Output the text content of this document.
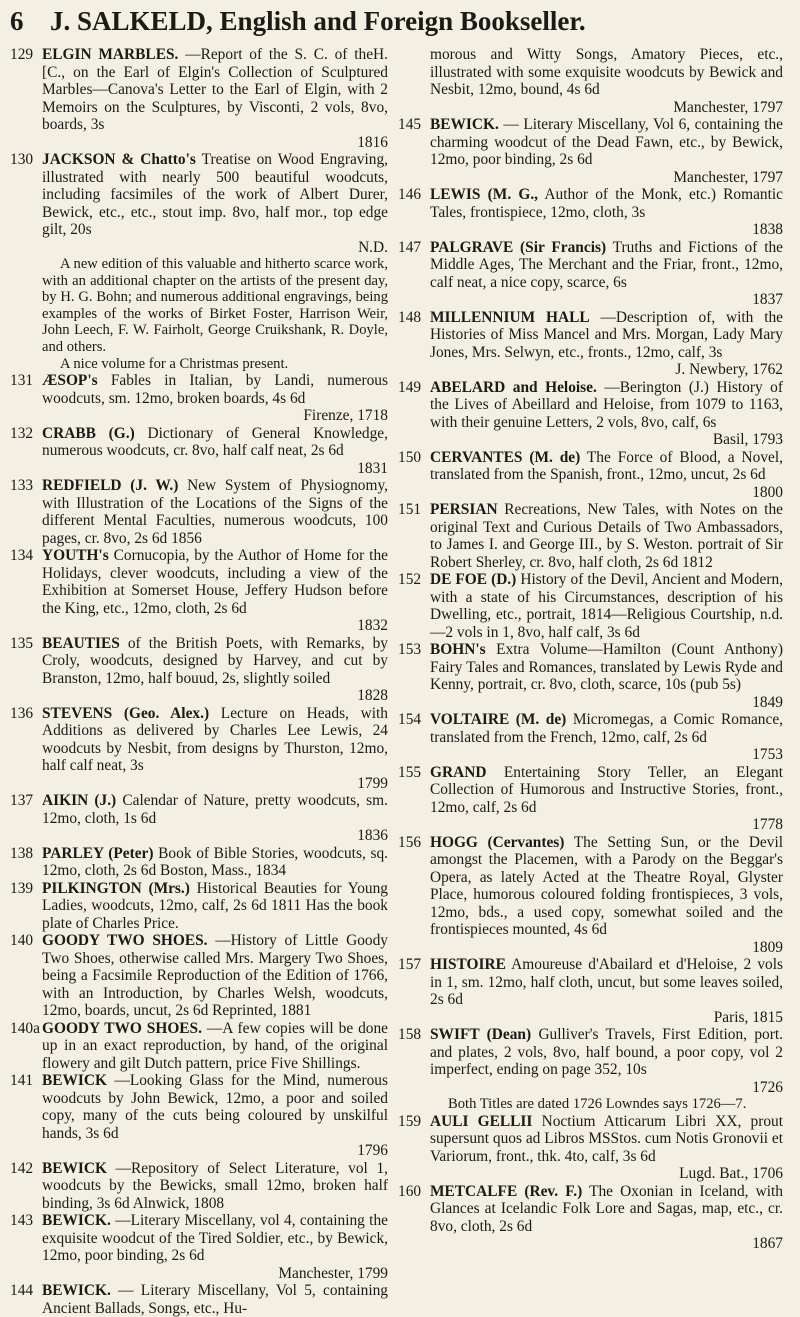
6 J. SALKELD, English and Foreign Bookseller.

129 ELGIN MARBLES. —Report of the S. C. of theH. [C., on the Earl of Elgin's Collection of Sculptured Marbles—Canova's Letter to the Earl of Elgin, with 2 Memoirs on the Sculptures, by Visconti, 2 vols, 8vo, boards, 3s
1816

130 JACKSON & Chatto's Treatise on Wood Engraving, illustrated with nearly 500 beautiful woodcuts, including facsimiles of the work of Albert Durer, Bewick, etc., etc., stout imp. 8vo, half mor., top edge gilt, 20s
N.D.

A new edition of this valuable and hitherto scarce work, with an additional chapter on the artists of the present day, by H. G. Bohn; and numerous additional engravings, being examples of the works of Birket Foster, Harrison Weir, John Leech, F. W. Fairholt, George Cruikshank, R. Doyle, and others.

A nice volume for a Christmas present.

131 ÆSOP's Fables in Italian, by Landi, numerous woodcuts, sm. 12mo, broken boards, 4s 6d
Firenze, 1718

132 CRABB (G.) Dictionary of General Knowledge, numerous woodcuts, cr. 8vo, half calf neat, 2s 6d
1831

133 REDFIELD (J. W.) New System of Physiognomy, with Illustration of the Locations of the Signs of the different Mental Faculties, numerous woodcuts, 100 pages, cr. 8vo, 2s 6d 1856

134 YOUTH's Cornucopia, by the Author of Home for the Holidays, clever woodcuts, including a view of the Exhibition at Somerset House, Jeffery Hudson before the King, etc., 12mo, cloth, 2s 6d
1832

135 BEAUTIES of the British Poets, with Remarks, by Croly, woodcuts, designed by Harvey, and cut by Branston, 12mo, half bouud, 2s, slightly soiled
1828

136 STEVENS (Geo. Alex.) Lecture on Heads, with Additions as delivered by Charles Lee Lewis, 24 woodcuts by Nesbit, from designs by Thurston, 12mo, half calf neat, 3s
1799

137 AIKIN (J.) Calendar of Nature, pretty woodcuts, sm. 12mo, cloth, 1s 6d
1836

138 PARLEY (Peter) Book of Bible Stories, woodcuts, sq. 12mo, cloth, 2s 6d Boston, Mass., 1834

139 PILKINGTON (Mrs.) Historical Beauties for Young Ladies, woodcuts, 12mo, calf, 2s 6d 1811 Has the book plate of Charles Price.

140 GOODY TWO SHOES. —History of Little Goody Two Shoes, otherwise called Mrs. Margery Two Shoes, being a Facsimile Reproduction of the Edition of 1766, with an Introduction, by Charles Welsh, woodcuts, 12mo, boards, uncut, 2s 6d Reprinted, 1881

140a GOODY TWO SHOES. —A few copies will be done up in an exact reproduction, by hand, of the original flowery and gilt Dutch pattern, price Five Shillings.

141 BEWICK —Looking Glass for the Mind, numerous woodcuts by John Bewick, 12mo, a poor and soiled copy, many of the cuts being coloured by unskilful hands, 3s 6d
1796

142 BEWICK —Repository of Select Literature, vol 1, woodcuts by the Bewicks, small 12mo, broken half binding, 3s 6d Alnwick, 1808

143 BEWICK. —Literary Miscellany, vol 4, containing the exquisite woodcut of the Tired Soldier, etc., by Bewick, 12mo, poor binding, 2s 6d
Manchester, 1799

144 BEWICK. — Literary Miscellany, Vol 5, containing Ancient Ballads, Songs, etc., Hu-

morous and Witty Songs, Amatory Pieces, etc., illustrated with some exquisite woodcuts by Bewick and Nesbit, 12mo, bound, 4s 6d
Manchester, 1797

145 BEWICK. — Literary Miscellany, Vol 6, containing the charming woodcut of the Dead Fawn, etc., by Bewick, 12mo, poor binding, 2s 6d
Manchester, 1797

146 LEWIS (M. G., Author of the Monk, etc.) Romantic Tales, frontispiece, 12mo, cloth, 3s
1838

147 PALGRAVE (Sir Francis) Truths and Fictions of the Middle Ages, The Merchant and the Friar, front., 12mo, calf neat, a nice copy, scarce, 6s
1837

148 MILLENNIUM HALL —Description of, with the Histories of Miss Mancel and Mrs. Morgan, Lady Mary Jones, Mrs. Selwyn, etc., fronts., 12mo, calf, 3s
J. Newbery, 1762

149 ABELARD and Heloise. —Berington (J.) History of the Lives of Abeillard and Heloise, from 1079 to 1163, with their genuine Letters, 2 vols, 8vo, calf, 6s
Basil, 1793

150 CERVANTES (M. de) The Force of Blood, a Novel, translated from the Spanish, front., 12mo, uncut, 2s 6d
1800

151 PERSIAN Recreations, New Tales, with Notes on the original Text and Curious Details of Two Ambassadors, to James I. and George III., by S. Weston. portrait of Sir Robert Sherley, cr. 8vo, half cloth, 2s 6d 1812

152 DE FOE (D.) History of the Devil, Ancient and Modern, with a state of his Circumstances, description of his Dwelling, etc., portrait, 1814—Religious Courtship, n.d.—2 vols in 1, 8vo, half calf, 3s 6d

153 BOHN's Extra Volume—Hamilton (Count Anthony) Fairy Tales and Romances, translated by Lewis Ryde and Kenny, portrait, cr. 8vo, cloth, scarce, 10s (pub 5s)
1849

154 VOLTAIRE (M. de) Micromegas, a Comic Romance, translated from the French, 12mo, calf, 2s 6d
1753

155 GRAND Entertaining Story Teller, an Elegant Collection of Humorous and Instructive Stories, front., 12mo, calf, 2s 6d
1778

156 HOGG (Cervantes) The Setting Sun, or the Devil amongst the Placemen, with a Parody on the Beggar's Opera, as lately Acted at the Theatre Royal, Glyster Place, humorous coloured folding frontispieces, 3 vols, 12mo, bds., a used copy, somewhat soiled and the frontispieces mounted, 4s 6d
1809

157 HISTOIRE Amoureuse d'Abailard et d'Heloise, 2 vols in 1, sm. 12mo, half cloth, uncut, but some leaves soiled, 2s 6d
Paris, 1815

158 SWIFT (Dean) Gulliver's Travels, First Edition, port. and plates, 2 vols, 8vo, half bound, a poor copy, vol 2 imperfect, ending on page 352, 10s
1726

Both Titles are dated 1726 Lowndes says 1726—7.

159 AULI GELLII Noctium Atticarum Libri XX, prout supersunt quos ad Libros MSStos. cum Notis Gronovii et Variorum, front., thk. 4to, calf, 3s 6d
Lugd. Bat., 1706

160 METCALFE (Rev. F.) The Oxonian in Iceland, with Glances at Icelandic Folk Lore and Sagas, map, etc., cr. 8vo, cloth, 2s 6d
1867
